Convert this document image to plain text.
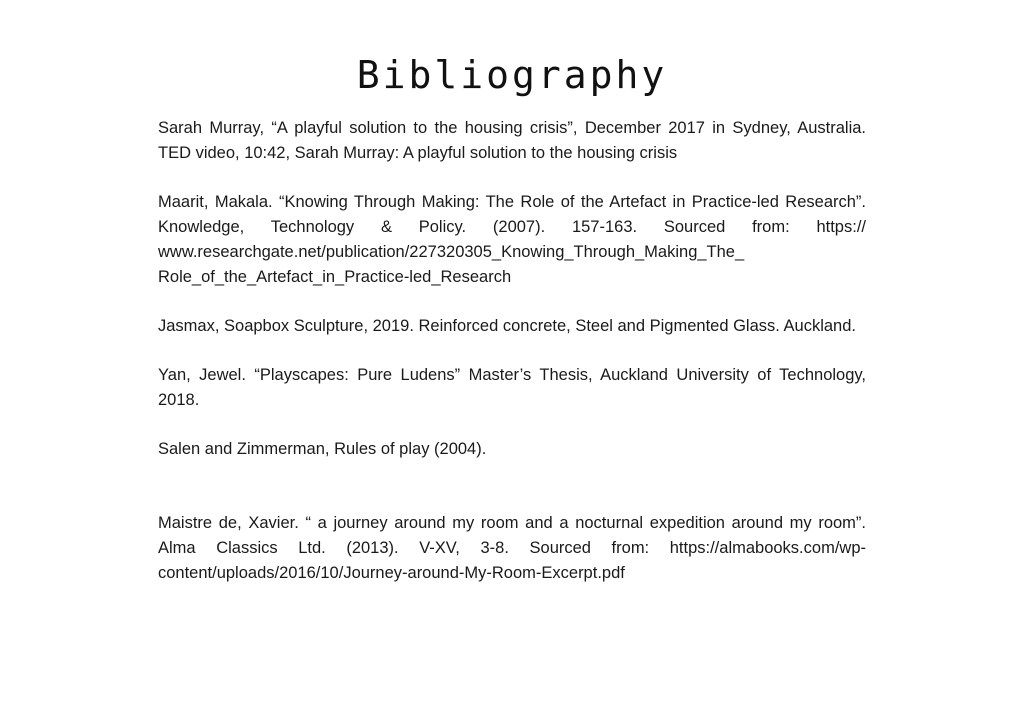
Bibliography

Sarah Murray, “A playful solution to the housing crisis”, December 2017 in Sydney, Australia. TED video, 10:42, Sarah Murray: A playful solution to the housing crisis

Maarit, Makala. “Knowing Through Making: The Role of the Artefact in Practice-led Research”. Knowledge, Technology & Policy. (2007). 157-163. Sourced from: https:// www.researchgate.net/publication/227320305_Knowing_Through_Making_The_ Role_of_the_Artefact_in_Practice-led_Research

Jasmax, Soapbox Sculpture, 2019. Reinforced concrete, Steel and Pigmented Glass. Auckland.

Yan, Jewel. “Playscapes: Pure Ludens” Master’s Thesis, Auckland University of Technology, 2018.

Salen and Zimmerman, Rules of play (2004).

Maistre de, Xavier. “ a journey around my room and a nocturnal expedition around my room”. Alma Classics Ltd. (2013). V-XV, 3-8. Sourced from: https://almabooks.com/wp-content/uploads/2016/10/Journey-around-My-Room-Excerpt.pdf
